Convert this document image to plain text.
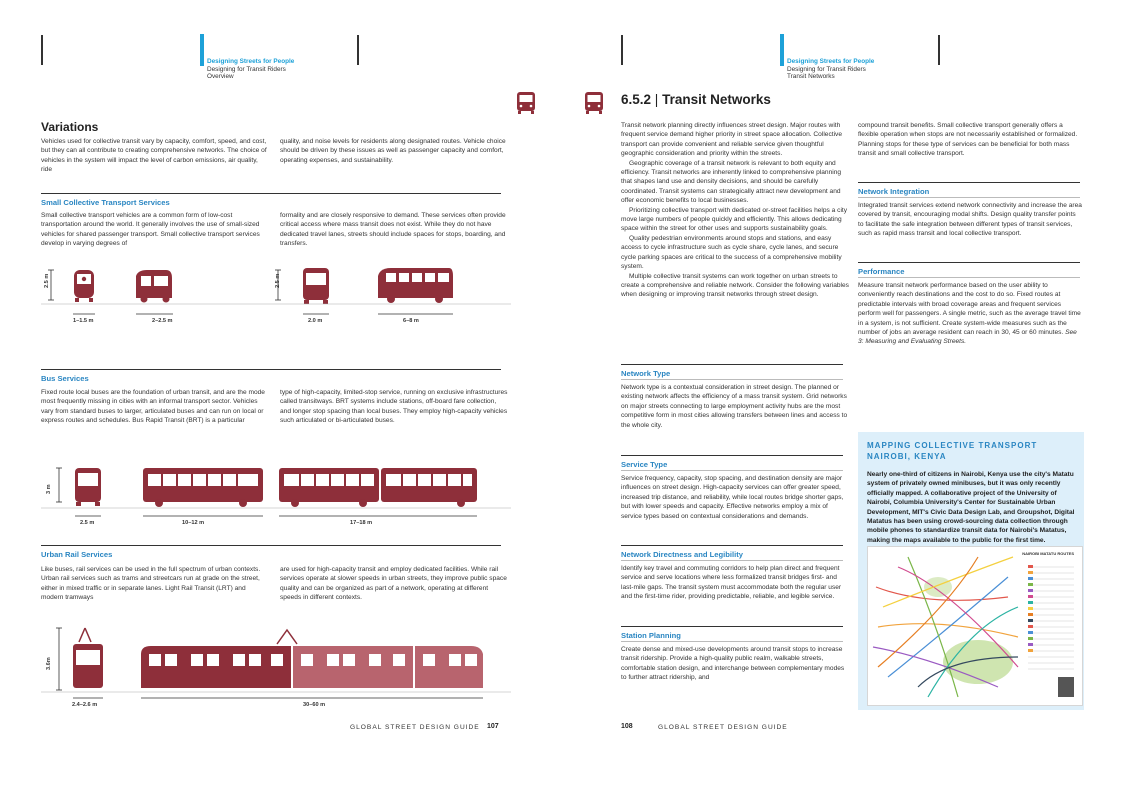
Designing Streets for People
Designing for Transit Riders
Overview
Variations
Vehicles used for collective transit vary by capacity, comfort, speed, and cost, but they can all contribute to creating comprehensive networks. The choice of vehicles in the system will impact the level of carbon emissions, air quality, ride
quality, and noise levels for residents along designated routes. Vehicle choice should be driven by these issues as well as passenger capacity and comfort, operating expenses, and sustainability.
Small Collective Transport Services
Small collective transport vehicles are a common form of low-cost transportation around the world. It generally involves the use of small-sized vehicles for shared passenger transport. Small collective transport services develop in varying degrees of
formality and are closely responsive to demand. These services often provide critical access where mass transit does not exist. While they do not have dedicated travel lanes, streets should include spaces for stops, boarding, and transfers.
2.5 m	2.5 m
1–1.5 m	2–2.5 m	2.0 m	6–8 m
Bus Services
Fixed route local buses are the foundation of urban transit, and are the mode most frequently missing in cities with an informal transport sector. Vehicles vary from standard buses to larger, articulated buses and can run on local or express routes and schedules. Bus Rapid Transit (BRT) is a particular
type of high-capacity, limited-stop service, running on exclusive infrastructures called transitways. BRT systems include stations, off-board fare collection, and longer stop spacing than local buses. They employ high-capacity vehicles such articulated or bi-articulated buses.
3 m
2.5 m	10–12 m	17–18 m
Urban Rail Services
Like buses, rail services can be used in the full spectrum of urban contexts. Urban rail services such as trams and streetcars run at grade on the street, either in mixed traffic or in separate lanes. Light Rail Transit (LRT) and modern tramways
are used for high-capacity transit and employ dedicated facilities. While rail services operate at slower speeds in urban streets, they improve public space quality and can be organized as part of a network, operating at different speeds in different contexts.
3.6m
2.4–2.6 m	30–60 m
GLOBAL STREET DESIGN GUIDE 107
Designing Streets for People
Designing for Transit Riders
Transit Networks
6.5.2 | Transit Networks

Transit network planning directly influences street design. Major routes with frequent service demand higher priority in street space allocation. Collective transport can provide convenient and reliable service given thoughtful geographic consideration and priority within the streets.

Geographic coverage of a transit network is relevant to both equity and efficiency. Transit networks are inherently linked to comprehensive planning that shapes land use and density decisions, and should be carefully coordinated. Transit systems can strategically attract new development and offer economic benefits to local businesses.

Prioritizing collective transport with dedicated or-street facilities helps a city move large numbers of people quickly and efficiently. This allows dedicating space within the street for other uses and supports sustainability goals.

Quality pedestrian environments around stops and stations, and easy access to cycle infrastructure such as cycle share, cycle lanes, and secure cycle parking spaces are critical to the success of a comprehensive mobility system.

Multiple collective transit systems can work together on urban streets to create a comprehensive and reliable network. Consider the following variables when designing or improving transit networks through street design.

Network Type
Network type is a contextual consideration in street design. The planned or existing network affects the efficiency of a mass transit system. Grid networks on major streets connecting to large employment activity hubs are the most competitive form in most cities allowing transfers between lines and access to the whole city.
Service Type
Service frequency, capacity, stop spacing, and destination density are major influences on street design. High-capacity services can offer greater speed, increased trip distance, and reliability, while local routes bridge shorter gaps, but with lower speeds and capacity. Effective networks employ a mix of service types based on contextual considerations and demands.
Network Directness and Legibility
Identify key travel and commuting corridors to help plan direct and frequent service and serve locations where less formalized transit bridges first- and last-mile gaps. The transit system must accommodate both the regular user and the first-time rider, providing predictable, reliable, and legible service.
Station Planning
Create dense and mixed-use developments around transit stops to increase transit ridership. Provide a high-quality public realm, walkable streets, comfortable station design, and interchange between complementary modes to further attract ridership, and
compound transit benefits. Small collective transport generally offers a flexible operation when stops are not necessarily established or formalized. Planning stops for these type of services can be beneficial for both mass transit and small collective transport.
Network Integration
Integrated transit services extend network connectivity and increase the area covered by transit, encouraging modal shifts. Design quality transfer points to facilitate the safe integration between different types of transit services, such as rapid mass transit and local collective transport.
Performance
Measure transit network performance based on the user ability to conveniently reach destinations and the cost to do so. Fixed routes at predictable intervals with broad coverage areas and frequent services perform well for passengers. A single metric, such as the average travel time in a system, is not sufficient. Create system-wide measures such as the number of jobs an average resident can reach in 30, 45 or 60 minutes. See 3: Measuring and Evaluating Streets.
MAPPING COLLECTIVE TRANSPORT
NAIROBI, KENYA
Nearly one-third of citizens in Nairobi, Kenya use the city's Matatu system of privately owned minibuses, but it was only recently officially mapped. A collaborative project of the University of Nairobi, Columbia University's Center for Sustainable Urban Development, MIT's Civic Data Design Lab, and Groupshot, Digital Matatus has been using crowd-sourcing data collection through mobile phones to standardize transit data for Nairobi's Matatus, making the maps available to the public for the first time.
NAIROBI MATATU ROUTES
108	GLOBAL STREET DESIGN GUIDE
